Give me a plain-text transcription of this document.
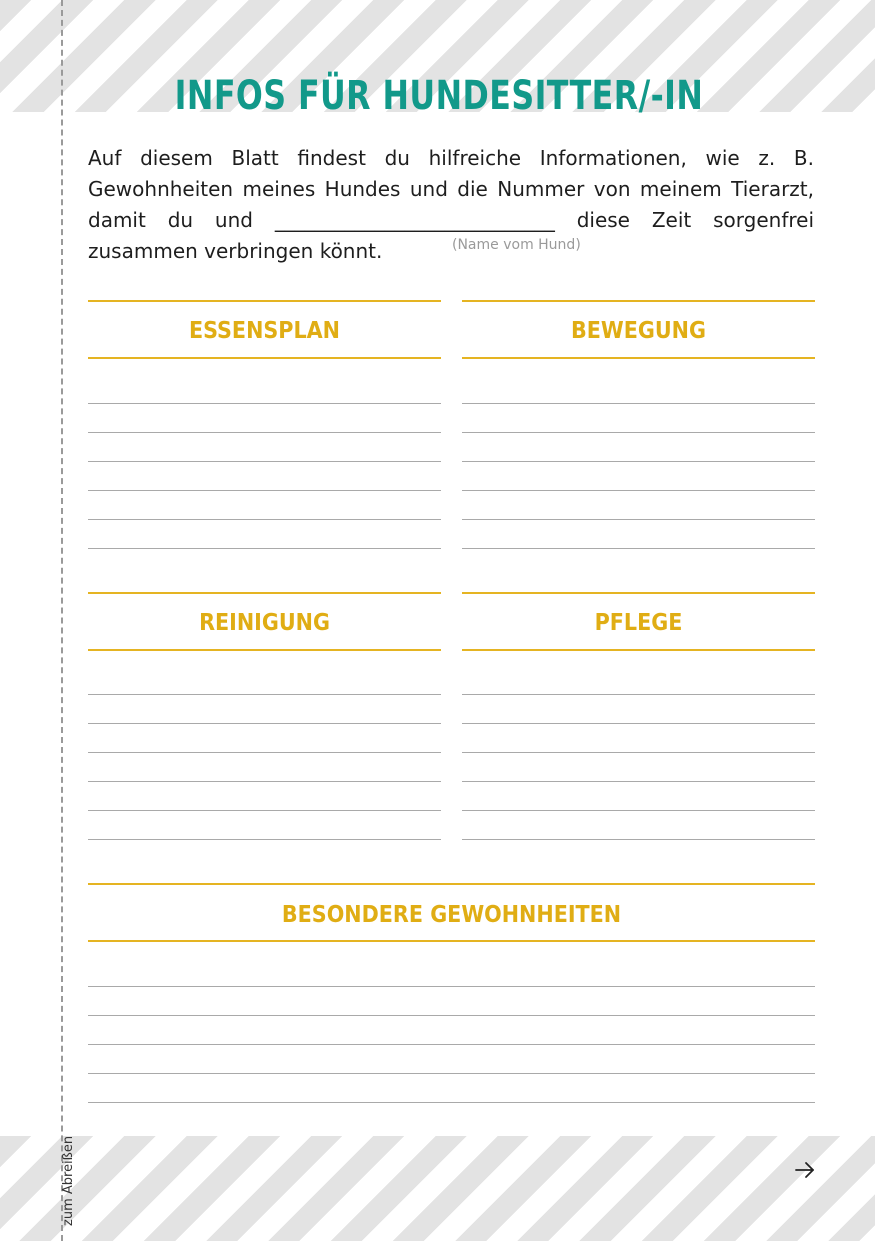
zum Abreißen
INFOS FÜR HUNDESITTER/-IN
Auf diesem Blatt findest du hilfreiche Informationen, wie z. B. Gewohnheiten meines Hundes und die Nummer von meinem Tierarzt, damit du und ____________________________ diese Zeit sorgenfrei zusammen verbringen könnt.	(Name vom Hund)
ESSENSPLAN	BEWEGUNG
REINIGUNG	PFLEGE
BESONDERE GEWOHNHEITEN
